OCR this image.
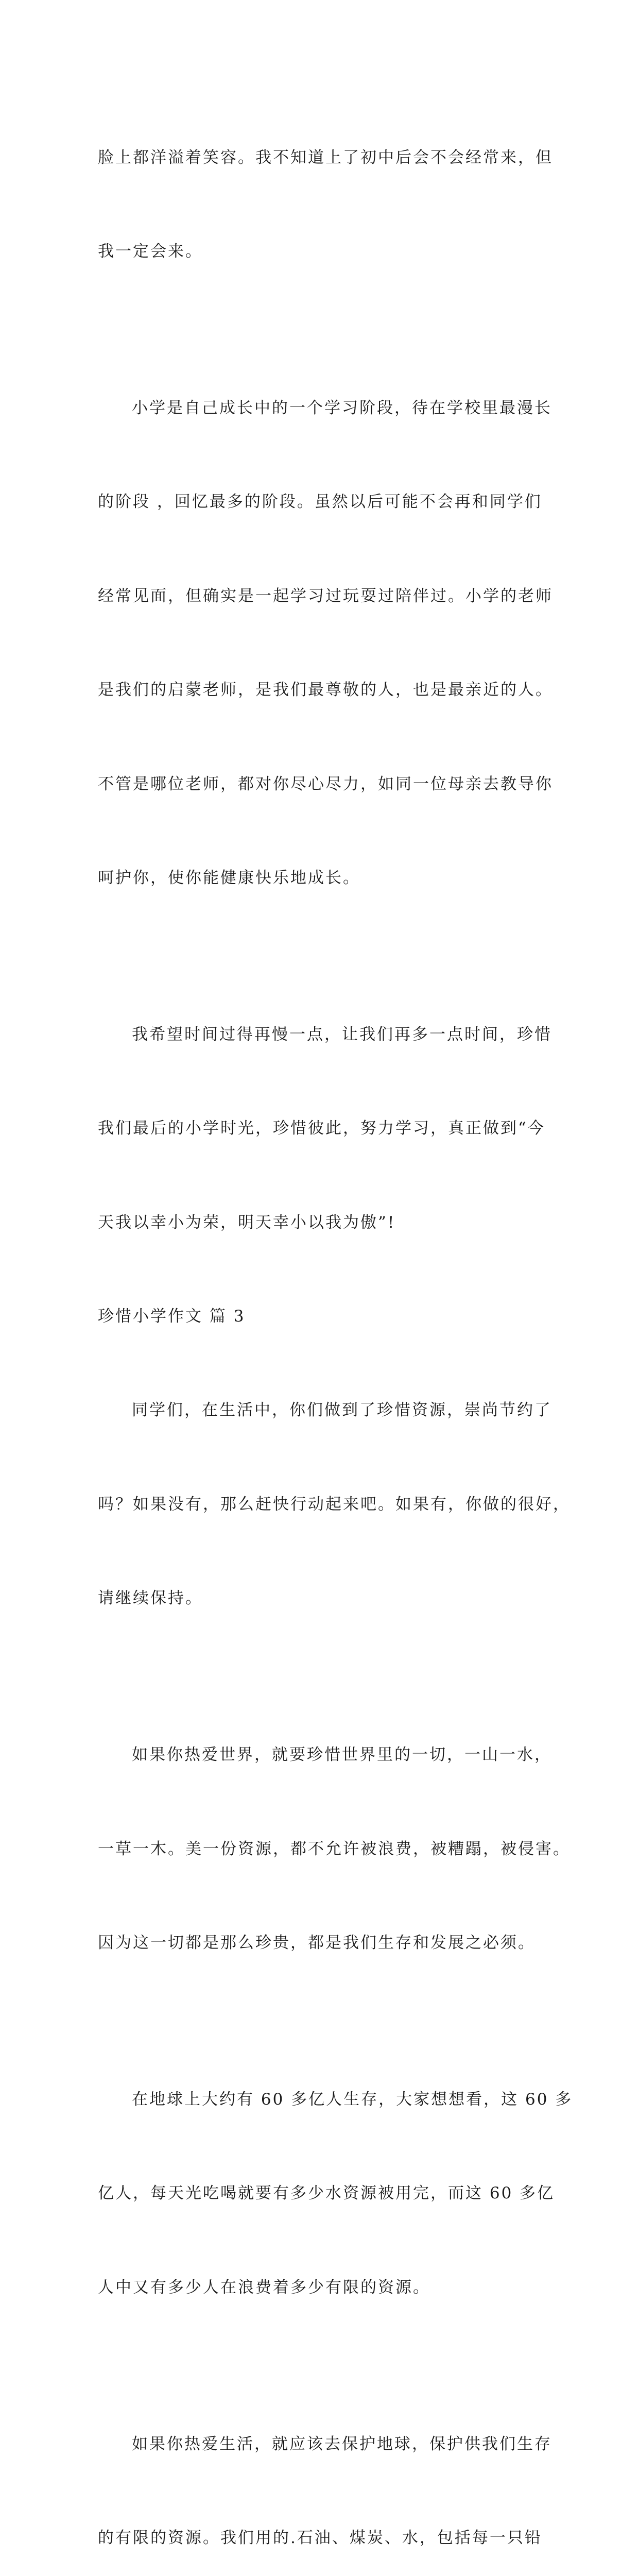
脸上都洋溢着笑容。我不知道上了初中后会不会经常来，但

我一定会来。

小学是自己成长中的一个学习阶段，待在学校里最漫长

的阶段 ，回忆最多的阶段。虽然以后可能不会再和同学们

经常见面，但确实是一起学习过玩耍过陪伴过。小学的老师

是我们的启蒙老师，是我们最尊敬的人，也是最亲近的人。

不管是哪位老师，都对你尽心尽力，如同一位母亲去教导你

呵护你，使你能健康快乐地成长。

我希望时间过得再慢一点，让我们再多一点时间，珍惜

我们最后的小学时光，珍惜彼此，努力学习，真正做到“今

天我以幸小为荣，明天幸小以我为傲”!

珍惜小学作文 篇 3

同学们，在生活中，你们做到了珍惜资源，崇尚节约了

吗？如果没有，那么赶快行动起来吧。如果有，你做的很好，

请继续保持。

如果你热爱世界，就要珍惜世界里的一切，一山一水，

一草一木。美一份资源，都不允许被浪费，被糟蹋，被侵害。

因为这一切都是那么珍贵，都是我们生存和发展之必须。

在地球上大约有 60 多亿人生存，大家想想看，这 60 多

亿人，每天光吃喝就要有多少水资源被用完，而这 60 多亿

人中又有多少人在浪费着多少有限的资源。

如果你热爱生活，就应该去保护地球，保护供我们生存

的有限的资源。我们用的.石油、煤炭、水，包括每一只铅
